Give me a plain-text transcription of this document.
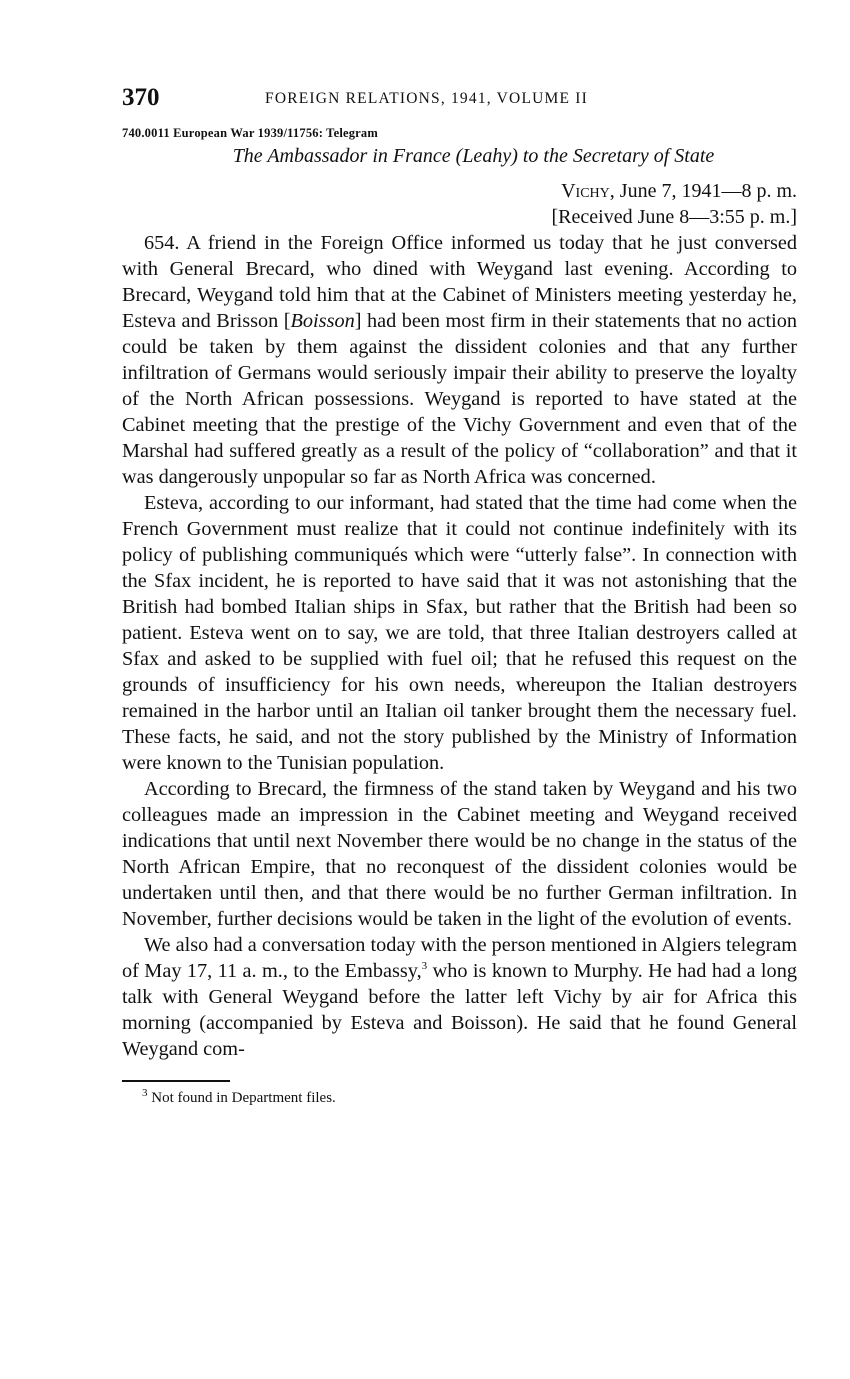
370	FOREIGN RELATIONS, 1941, VOLUME II
740.0011 European War 1939/11756: Telegram
The Ambassador in France (Leahy) to the Secretary of State
Vichy, June 7, 1941—8 p. m.
[Received June 8—3:55 p. m.]

654. A friend in the Foreign Office informed us today that he just conversed with General Brecard, who dined with Weygand last evening. According to Brecard, Weygand told him that at the Cabinet of Ministers meeting yesterday he, Esteva and Brisson [Boisson] had been most firm in their statements that no action could be taken by them against the dissident colonies and that any further infiltration of Germans would seriously impair their ability to preserve the loyalty of the North African possessions. Weygand is reported to have stated at the Cabinet meeting that the prestige of the Vichy Government and even that of the Marshal had suffered greatly as a result of the policy of “collaboration” and that it was dangerously unpopular so far as North Africa was concerned.

Esteva, according to our informant, had stated that the time had come when the French Government must realize that it could not continue indefinitely with its policy of publishing communiqués which were “utterly false”. In connection with the Sfax incident, he is reported to have said that it was not astonishing that the British had bombed Italian ships in Sfax, but rather that the British had been so patient. Esteva went on to say, we are told, that three Italian destroyers called at Sfax and asked to be supplied with fuel oil; that he refused this request on the grounds of insufficiency for his own needs, whereupon the Italian destroyers remained in the harbor until an Italian oil tanker brought them the necessary fuel. These facts, he said, and not the story published by the Ministry of Information were known to the Tunisian population.

According to Brecard, the firmness of the stand taken by Weygand and his two colleagues made an impression in the Cabinet meeting and Weygand received indications that until next November there would be no change in the status of the North African Empire, that no reconquest of the dissident colonies would be undertaken until then, and that there would be no further German infiltration. In November, further decisions would be taken in the light of the evolution of events.

We also had a conversation today with the person mentioned in Algiers telegram of May 17, 11 a. m., to the Embassy,$^3$ who is known to Murphy. He had had a long talk with General Weygand before the latter left Vichy by air for Africa this morning (accompanied by Esteva and Boisson). He said that he found General Weygand com-

$^3$ Not found in Department files.
